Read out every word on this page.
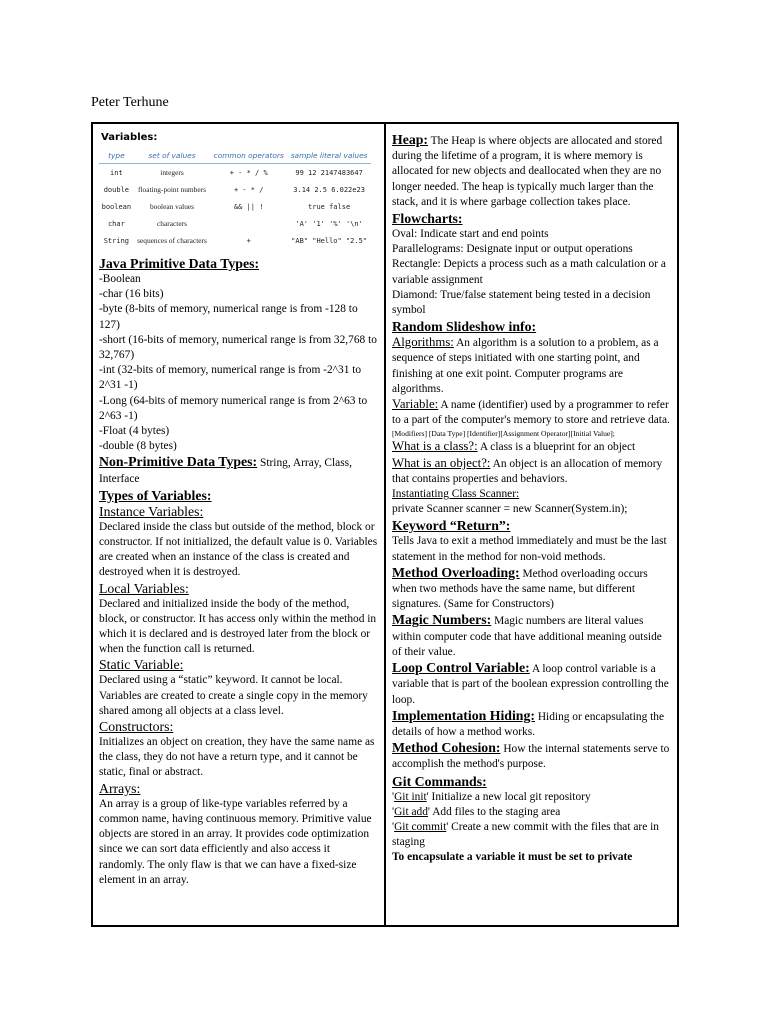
Peter Terhune
Variables:
type	set of values	common operators	sample literal values
int	integers	+ - * / %	99 12 2147483647
double	floating-point numbers	+ - * /	3.14 2.5 6.022e23
boolean	boolean values	&& || !	true false
char	characters		'A' '1' '%' '\n'
String	sequences of characters	+	"AB" "Hello" "2.5"
Java Primitive Data Types:
-Boolean
-char (16 bits)
-byte (8-bits of memory, numerical range is from -128 to 127)
-short (16-bits of memory, numerical range is from 32,768 to 32,767)
-int (32-bits of memory, numerical range is from -2^31 to 2^31 -1)
-Long (64-bits of memory numerical range is from 2^63 to 2^63 -1)
-Float (4 bytes)
-double (8 bytes)
Non-Primitive Data Types: String, Array, Class, Interface
Types of Variables:
Instance Variables:
Declared inside the class but outside of the method, block or constructor. If not initialized, the default value is 0. Variables are created when an instance of the class is created and destroyed when it is destroyed.
Local Variables:
Declared and initialized inside the body of the method, block, or constructor. It has access only within the method in which it is declared and is destroyed later from the block or when the function call is returned.
Static Variable:
Declared using a “static” keyword. It cannot be local. Variables are created to create a single copy in the memory shared among all objects at a class level.
Constructors:
Initializes an object on creation, they have the same name as the class, they do not have a return type, and it cannot be static, final or abstract.
Arrays:
An array is a group of like-type variables referred by a common name, having continuous memory. Primitive value objects are stored in an array. It provides code optimization since we can sort data efficiently and also access it randomly. The only flaw is that we can have a fixed-size element in an array.
Heap: The Heap is where objects are allocated and stored during the lifetime of a program, it is where memory is allocated for new objects and deallocated when they are no longer needed. The heap is typically much larger than the stack, and it is where garbage collection takes place.
Flowcharts:
Oval: Indicate start and end points
Parallelograms: Designate input or output operations
Rectangle: Depicts a process such as a math calculation or a variable assignment
Diamond: True/false statement being tested in a decision symbol
Random Slideshow info:
Algorithms: An algorithm is a solution to a problem, as a sequence of steps initiated with one starting point, and finishing at one exit point. Computer programs are algorithms.
Variable: A name (identifier) used by a programmer to refer to a part of the computer's memory to store and retrieve data.
[Modifiers] [Data Type] [Identifier][Assignment Operator][Initial Value];
What is a class?: A class is a blueprint for an object
What is an object?: An object is an allocation of memory that contains properties and behaviors.
Instantiating Class Scanner:
private Scanner scanner = new Scanner(System.in);
Keyword “Return”:
Tells Java to exit a method immediately and must be the last statement in the method for non-void methods.
Method Overloading: Method overloading occurs when two methods have the same name, but different signatures. (Same for Constructors)
Magic Numbers: Magic numbers are literal values within computer code that have additional meaning outside of their value.
Loop Control Variable: A loop control variable is a variable that is part of the boolean expression controlling the loop.
Implementation Hiding: Hiding or encapsulating the details of how a method works.
Method Cohesion: How the internal statements serve to
accomplish the method's purpose.
Git Commands:
'Git init' Initialize a new local git repository
'Git add' Add files to the staging area
'Git commit' Create a new commit with the files that are in staging
To encapsulate a variable it must be set to private
